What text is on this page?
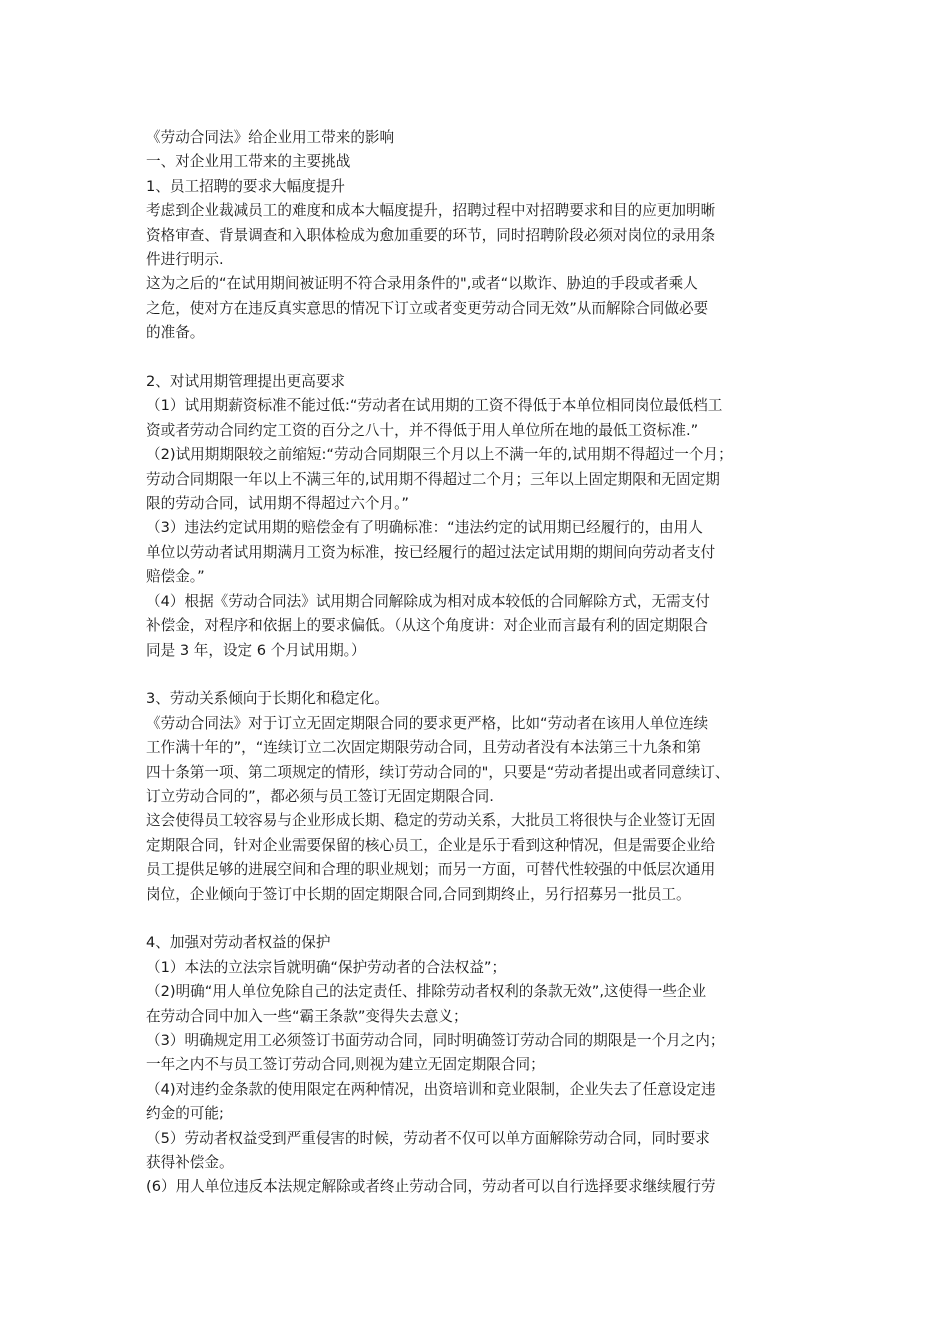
《劳动合同法》给企业用工带来的影响

一、对企业用工带来的主要挑战

1、员工招聘的要求大幅度提升

考虑到企业裁减员工的难度和成本大幅度提升，招聘过程中对招聘要求和目的应更加明晰

资格审查、背景调查和入职体检成为愈加重要的环节，同时招聘阶段必须对岗位的录用条

件进行明示.

这为之后的“在试用期间被证明不符合录用条件的",或者“以欺诈、胁迫的手段或者乘人

之危，使对方在违反真实意思的情况下订立或者变更劳动合同无效”从而解除合同做必要

的准备。

2、对试用期管理提出更高要求

（1）试用期薪资标准不能过低:“劳动者在试用期的工资不得低于本单位相同岗位最低档工

资或者劳动合同约定工资的百分之八十，并不得低于用人单位所在地的最低工资标准.”

（2)试用期期限较之前缩短:“劳动合同期限三个月以上不满一年的,试用期不得超过一个月；

劳动合同期限一年以上不满三年的,试用期不得超过二个月；三年以上固定期限和无固定期

限的劳动合同，试用期不得超过六个月。”

（3）违法约定试用期的赔偿金有了明确标准：“违法约定的试用期已经履行的，由用人

单位以劳动者试用期满月工资为标准，按已经履行的超过法定试用期的期间向劳动者支付

赔偿金。”

（4）根据《劳动合同法》试用期合同解除成为相对成本较低的合同解除方式，无需支付

补偿金，对程序和依据上的要求偏低。（从这个角度讲：对企业而言最有利的固定期限合

同是 3 年，设定 6 个月试用期。）

3、劳动关系倾向于长期化和稳定化。

《劳动合同法》对于订立无固定期限合同的要求更严格，比如“劳动者在该用人单位连续

工作满十年的”，“连续订立二次固定期限劳动合同，且劳动者没有本法第三十九条和第

四十条第一项、第二项规定的情形，续订劳动合同的"，只要是“劳动者提出或者同意续订、

订立劳动合同的”，都必须与员工签订无固定期限合同.

这会使得员工较容易与企业形成长期、稳定的劳动关系，大批员工将很快与企业签订无固

定期限合同，针对企业需要保留的核心员工，企业是乐于看到这种情况，但是需要企业给

员工提供足够的进展空间和合理的职业规划；而另一方面，可替代性较强的中低层次通用

岗位，企业倾向于签订中长期的固定期限合同,合同到期终止，另行招募另一批员工。

4、加强对劳动者权益的保护

（1）本法的立法宗旨就明确“保护劳动者的合法权益”；

（2)明确“用人单位免除自己的法定责任、排除劳动者权利的条款无效”,这使得一些企业

在劳动合同中加入一些“霸王条款”变得失去意义；

（3）明确规定用工必须签订书面劳动合同，同时明确签订劳动合同的期限是一个月之内；

一年之内不与员工签订劳动合同,则视为建立无固定期限合同；

（4)对违约金条款的使用限定在两种情况，出资培训和竞业限制，企业失去了任意设定违

约金的可能;

（5）劳动者权益受到严重侵害的时候，劳动者不仅可以单方面解除劳动合同，同时要求

获得补偿金。

(6）用人单位违反本法规定解除或者终止劳动合同，劳动者可以自行选择要求继续履行劳
